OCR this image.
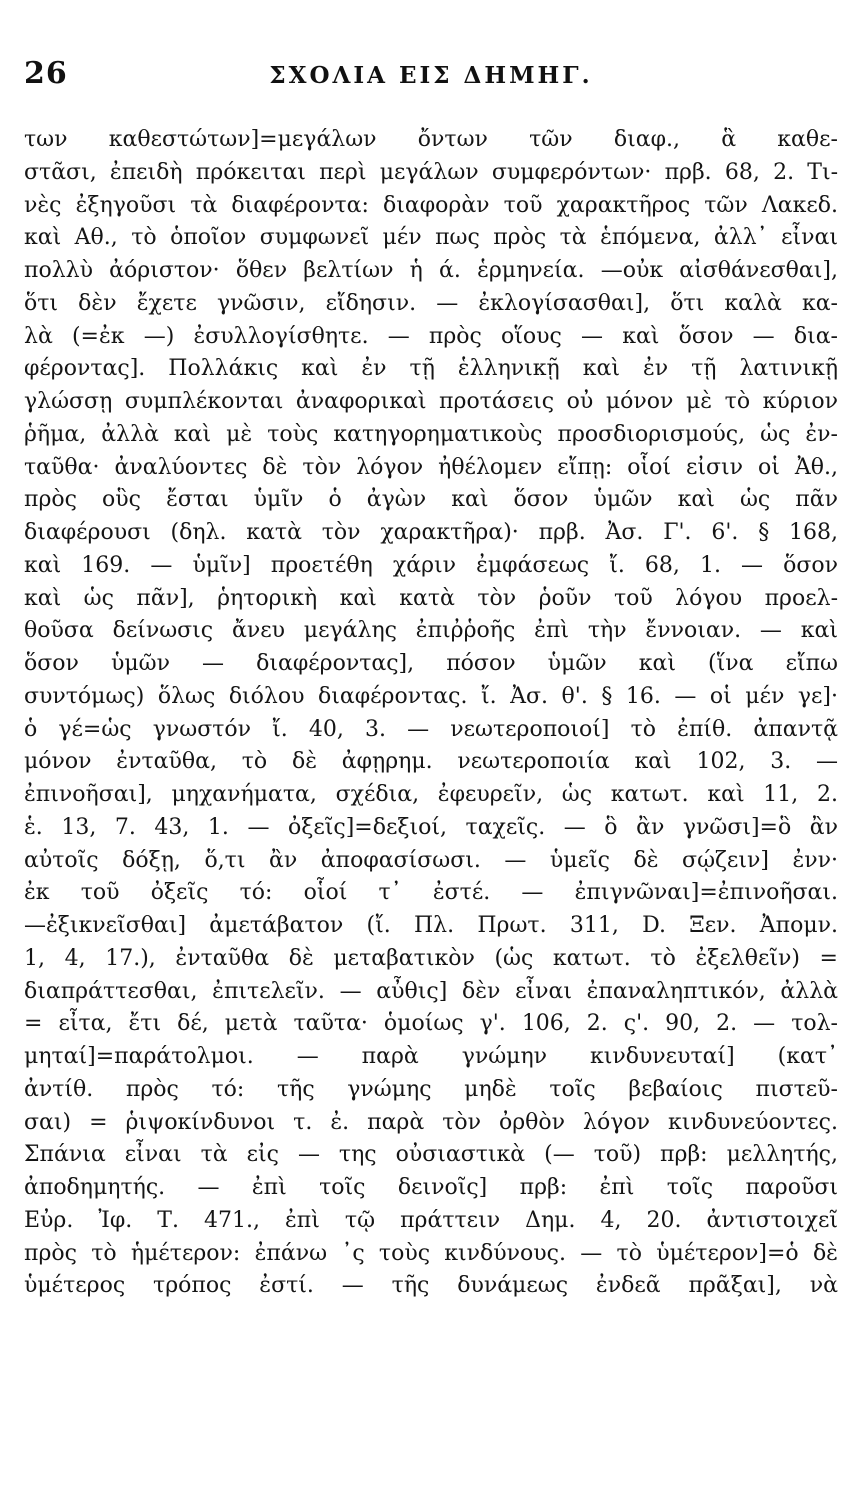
26	ΣΧΟΛΙΑ ΕΙΣ ΔΗΜΗΓ.
των καθεστώτων]=μεγάλων ὄντων τῶν διαφ., ἃ καθε-
στᾶσι, ἐπειδὴ πρόκειται περὶ μεγάλων συμφερόντων· πρβ. 68, 2. Τι-
νὲς ἐξηγοῦσι τὰ διαφέροντα: διαφορὰν τοῦ χαρακτῆρος τῶν Λακεδ.
καὶ Αθ., τὸ ὁποῖον συμφωνεῖ μέν πως πρὸς τὰ ἑπόμενα, ἀλλ᾽ εἶναι
πολλὺ ἀόριστον· ὅθεν βελτίων ἡ ά. ἑρμηνεία. —οὐκ αἰσθάνεσθαι],
ὅτι δὲν ἔχετε γνῶσιν, εἴδησιν. — ἐκλογίσασθαι], ὅτι καλὰ κα-
λὰ (=ἐκ —) ἐσυλλογίσθητε. — πρὸς οἵους — καὶ ὅσον — δια-
φέροντας]. Πολλάκις καὶ ἐν τῇ ἑλληνικῇ καὶ ἐν τῇ λατινικῇ
γλώσσῃ συμπλέκονται ἀναφορικαὶ προτάσεις οὐ μόνον μὲ τὸ κύριον
ῥῆμα, ἀλλὰ καὶ μὲ τοὺς κατηγορηματικοὺς προσδιορισμούς, ὡς ἐν-
ταῦθα· ἀναλύοντες δὲ τὸν λόγον ἠθέλομεν εἴπῃ: οἷοί εἰσιν οἱ Ἀθ.,
πρὸς οὓς ἔσται ὑμῖν ὁ ἀγὼν καὶ ὅσον ὑμῶν καὶ ὡς πᾶν
διαφέρουσι (δηλ. κατὰ τὸν χαρακτῆρα)· πρβ. Ἀσ. Γ'. 6'. § 168,
καὶ 169. — ὑμῖν] προετέθη χάριν ἐμφάσεως ἴ. 68, 1. — ὅσον
καὶ ὡς πᾶν], ῥητορικὴ καὶ κατὰ τὸν ῥοῦν τοῦ λόγου προελ-
θοῦσα δείνωσις ἄνευ μεγάλης ἐπιῤῥοῆς ἐπὶ τὴν ἔννοιαν. — καὶ
ὅσον ὑμῶν — διαφέροντας], πόσον ὑμῶν καὶ (ἵνα εἴπω
συντόμως) ὅλως διόλου διαφέροντας. ἴ. Ἀσ. θ'. § 16. — οἱ μέν γε]·
ὁ γέ=ὡς γνωστόν ἴ. 40, 3. — νεωτεροποιοί] τὸ ἐπίθ. ἀπαντᾷ
μόνον ἐνταῦθα, τὸ δὲ ἀφῃρημ. νεωτεροποιία καὶ 102, 3. —
ἐπινοῆσαι], μηχανήματα, σχέδια, ἐφευρεῖν, ὡς κατωτ. καὶ 11, 2.
ἑ. 13, 7. 43, 1. — ὀξεῖς]=δεξιοί, ταχεῖς. — ὃ ἂν γνῶσι]=ὃ ἂν
αὐτοῖς δόξῃ, ὅ,τι ἂν ἀποφασίσωσι. — ὑμεῖς δὲ σῴζειν] ἐνν·
ἐκ τοῦ ὀξεῖς τό: οἷοί τ᾽ ἐστέ. — ἐπιγνῶναι]=ἐπινοῆσαι.
—ἐξικνεῖσθαι] ἀμετάβατον (ἴ. Πλ. Πρωτ. 311, D. Ξεν. Ἀπομν.
1, 4, 17.), ἐνταῦθα δὲ μεταβατικὸν (ὡς κατωτ. τὸ ἐξελθεῖν) =
διαπράττεσθαι, ἐπιτελεῖν. — αὖθις] δὲν εἶναι ἐπαναληπτικόν, ἀλλὰ
= εἶτα, ἔτι δέ, μετὰ ταῦτα· ὁμοίως γ'. 106, 2. ς'. 90, 2. — τολ-
μηταί]=παράτολμοι. — παρὰ γνώμην κινδυνευταί] (κατ᾽
ἀντίθ. πρὸς τό: τῆς γνώμης μηδὲ τοῖς βεβαίοις πιστεῦ-
σαι) = ῥιψοκίνδυνοι τ. ἐ. παρὰ τὸν ὀρθὸν λόγον κινδυνεύοντες.
Σπάνια εἶναι τὰ εἰς — της οὐσιαστικὰ (— τοῦ) πρβ: μελλητής,
ἀποδημητής. — ἐπὶ τοῖς δεινοῖς] πρβ: ἐπὶ τοῖς παροῦσι
Εὐρ. Ἰφ. Τ. 471., ἐπὶ τῷ πράττειν Δημ. 4, 20. ἀντιστοιχεῖ
πρὸς τὸ ἡμέτερον: ἐπάνω ᾽ς τοὺς κινδύνους. — τὸ ὑμέτερον]=ὁ δὲ
ὑμέτερος τρόπος ἐστί. — τῆς δυνάμεως ἐνδεᾶ πρᾶξαι], νὰ
